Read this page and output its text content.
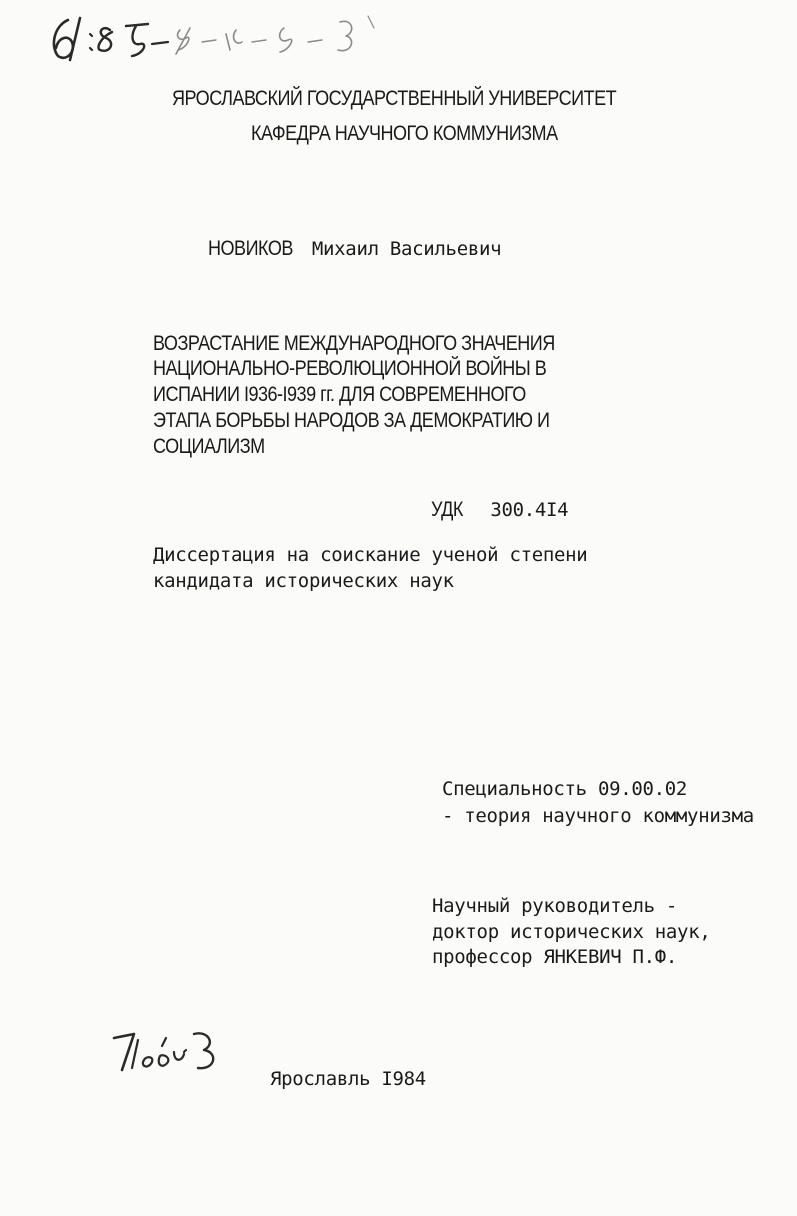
ЯРОСЛАВСКИЙ ГОСУДАРСТВЕННЫЙ УНИВЕРСИТЕТ
КАФЕДРА НАУЧНОГО КОММУНИЗМА
НОВИКОВ Михаил Васильевич
ВОЗРАСТАНИЕ МЕЖДУНАРОДНОГО ЗНАЧЕНИЯ
НАЦИОНАЛЬНО-РЕВОЛЮЦИОННОЙ ВОЙНЫ В
ИСПАНИИ I936-I939 гг. ДЛЯ СОВРЕМЕННОГО
ЭТАПА БОРЬБЫ НАРОДОВ ЗА ДЕМОКРАТИЮ И
СОЦИАЛИЗМ
УДК 300.4I4
Диссертация на соискание ученой степени
кандидата исторических наук
Специальность 09.00.02
- теория научного коммунизма
Научный руководитель -
доктор исторических наук,
профессор ЯНКЕВИЧ П.Ф.
Ярославль I984
